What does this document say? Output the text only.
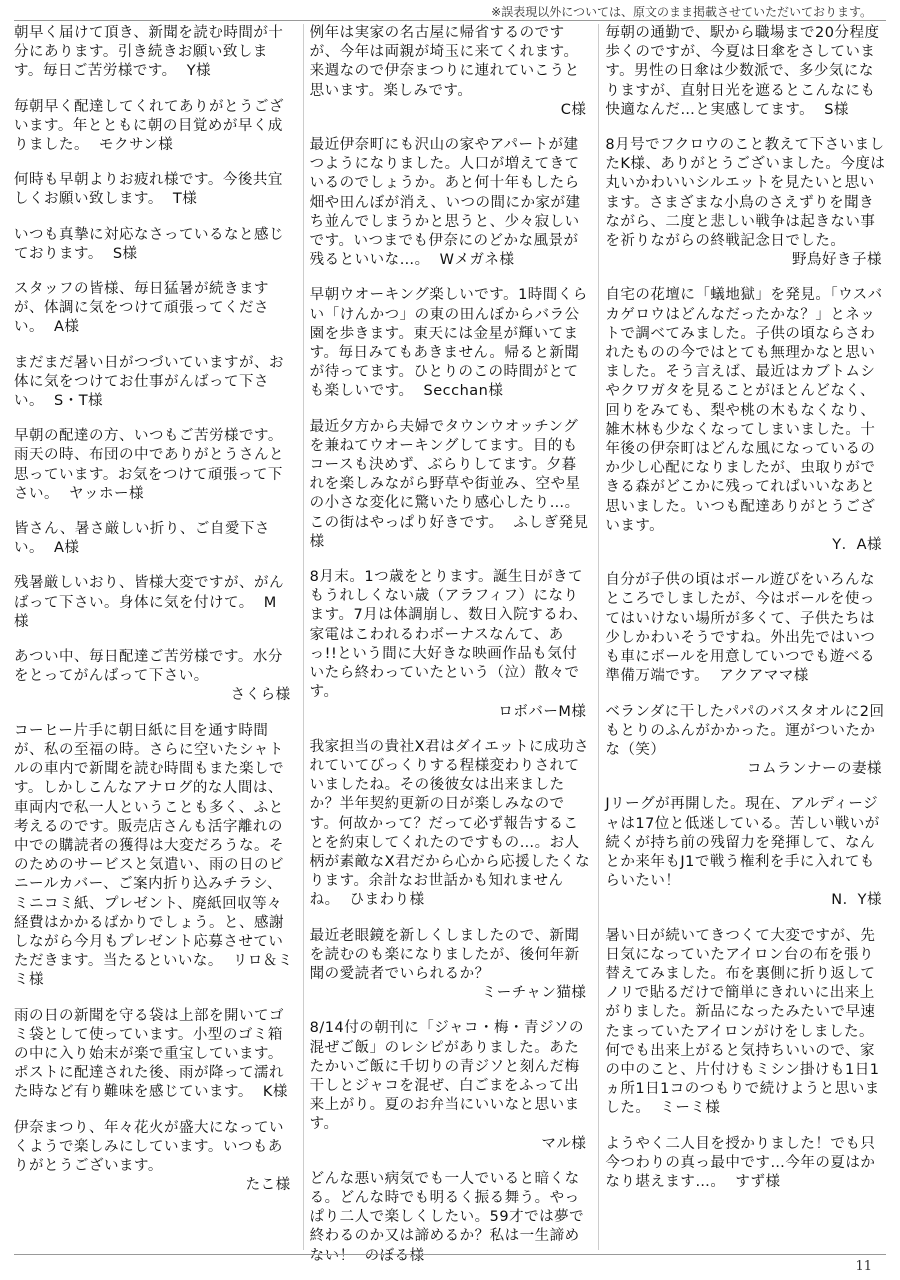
※誤表現以外については、原文のまま掲載させていただいております。
朝早く届けて頂き、新聞を読む時間が十分にあります。引き続きお願い致します。毎日ご苦労様です。 Y様
毎朝早く配達してくれてありがとうございます。年とともに朝の目覚めが早く成りました。 モクサン様
何時も早朝よりお疲れ様です。今後共宜しくお願い致します。 T様
いつも真摯に対応なさっているなと感じております。 S様
スタッフの皆様、毎日猛暑が続きますが、体調に気をつけて頑張ってください。 A様
まだまだ暑い日がつづいていますが、お体に気をつけてお仕事がんばって下さい。 S・T様
早朝の配達の方、いつもご苦労様です。雨天の時、布団の中でありがとうさんと思っています。お気をつけて頑張って下さい。 ヤッホー様
皆さん、暑さ厳しい折り、ご自愛下さい。 A様
残暑厳しいおり、皆様大変ですが、がんばって下さい。身体に気を付けて。 M様
あつい中、毎日配達ご苦労様です。水分をとってがんばって下さい。
さくら様
コーヒー片手に朝日紙に目を通す時間が、私の至福の時。さらに空いたシャトルの車内で新聞を読む時間もまた楽しです。しかしこんなアナログ的な人間は、車両内で私一人ということも多く、ふと考えるのです。販売店さんも活字離れの中での購読者の獲得は大変だろうな。そのためのサービスと気遣い、雨の日のビニールカバー、ご案内折り込みチラシ、ミニコミ紙、プレゼント、廃紙回収等々経費はかかるばかりでしょう。と、感謝しながら今月もプレゼント応募させていただきます。当たるといいな。 リロ＆ミミ様
雨の日の新聞を守る袋は上部を開いてゴミ袋として使っています。小型のゴミ箱の中に入り始末が楽で重宝しています。ポストに配達された後、雨が降って濡れた時など有り難味を感じています。 K様
伊奈まつり、年々花火が盛大になっていくようで楽しみにしています。いつもありがとうございます。
たこ様
例年は実家の名古屋に帰省するのですが、今年は両親が埼玉に来てくれます。来週なので伊奈まつりに連れていこうと思います。楽しみです。
C様
最近伊奈町にも沢山の家やアパートが建つようになりました。人口が増えてきているのでしょうか。あと何十年もしたら畑や田んぼが消え、いつの間にか家が建ち並んでしまうかと思うと、少々寂しいです。いつまでも伊奈にのどかな風景が残るといいな…。 Wメガネ様
早朝ウオーキング楽しいです。1時間くらい「けんかつ」の東の田んぼからバラ公園を歩きます。東天には金星が輝いてます。毎日みてもあきません。帰ると新聞が待ってます。ひとりのこの時間がとても楽しいです。 Secchan様
最近夕方から夫婦でタウンウオッチングを兼ねてウオーキングしてます。目的もコースも決めず、ぶらりしてます。夕暮れを楽しみながら野草や街並み、空や星の小さな変化に驚いたり感心したり…。この街はやっぱり好きです。 ふしぎ発見様
8月末。1つ歳をとります。誕生日がきてもうれしくない歳（アラフィフ）になります。7月は体調崩し、数日入院するわ、家電はこわれるわボーナスなんて、あっ!!という間に大好きな映画作品も気付いたら終わっていたという（泣）散々です。
ロボバーM様
我家担当の貴社X君はダイエットに成功されていてびっくりする程様変わりされていましたね。その後彼女は出来ましたか？半年契約更新の日が楽しみなのです。何故かって？だって必ず報告することを約束してくれたのですもの…。お人柄が素敵なX君だから心から応援したくなります。余計なお世話かも知れませんね。 ひまわり様
最近老眼鏡を新しくしましたので、新聞を読むのも楽になりましたが、後何年新聞の愛読者でいられるか？
ミーチャン猫様
8/14付の朝刊に「ジャコ・梅・青ジソの混ぜご飯」のレシピがありました。あたたかいご飯に千切りの青ジソと刻んだ梅干しとジャコを混ぜ、白ごまをふって出来上がり。夏のお弁当にいいなと思います。
マル様
どんな悪い病気でも一人でいると暗くなる。どんな時でも明るく振る舞う。やっぱり二人で楽しくしたい。59才では夢で終わるのか又は諦めるか？私は一生諦めない！ のぼる様
毎朝の通勤で、駅から職場まで20分程度歩くのですが、今夏は日傘をさしています。男性の日傘は少数派で、多少気になりますが、直射日光を遮るとこんなにも快適なんだ…と実感してます。 S様
8月号でフクロウのこと教えて下さいましたK様、ありがとうございました。今度は丸いかわいいシルエットを見たいと思います。さまざまな小鳥のさえずりを聞きながら、二度と悲しい戦争は起きない事を祈りながらの終戦記念日でした。
野鳥好き子様
自宅の花壇に「蟻地獄」を発見。「ウスバカゲロウはどんなだったかな？」とネットで調べてみました。子供の頃ならさわれたものの今ではとても無理かなと思いました。そう言えば、最近はカブトムシやクワガタを見ることがほとんどなく、回りをみても、梨や桃の木もなくなり、雑木林も少なくなってしまいました。十年後の伊奈町はどんな風になっているのか少し心配になりましたが、虫取りができる森がどこかに残ってればいいなあと思いました。いつも配達ありがとうございます。
Y．A様
自分が子供の頃はボール遊びをいろんなところでしましたが、今はボールを使ってはいけない場所が多くて、子供たちは少しかわいそうですね。外出先ではいつも車にボールを用意していつでも遊べる準備万端です。 アクアママ様
ベランダに干したパパのバスタオルに2回もとりのふんがかかった。運がついたかな（笑）
コムランナーの妻様
Jリーグが再開した。現在、アルディージャは17位と低迷している。苦しい戦いが続くが持ち前の残留力を発揮して、なんとか来年もJ1で戦う権利を手に入れてもらいたい！
N．Y様
暑い日が続いてきつくて大変ですが、先日気になっていたアイロン台の布を張り替えてみました。布を裏側に折り返してノリで貼るだけで簡単にきれいに出来上がりました。新品になったみたいで早速たまっていたアイロンがけをしました。何でも出来上がると気持ちいいので、家の中のこと、片付けもミシン掛けも1日1ヵ所1日1コのつもりで続けようと思いました。 ミーミ様
ようやく二人目を授かりました！でも只今つわりの真っ最中です…今年の夏はかなり堪えます…。 すず様
11
